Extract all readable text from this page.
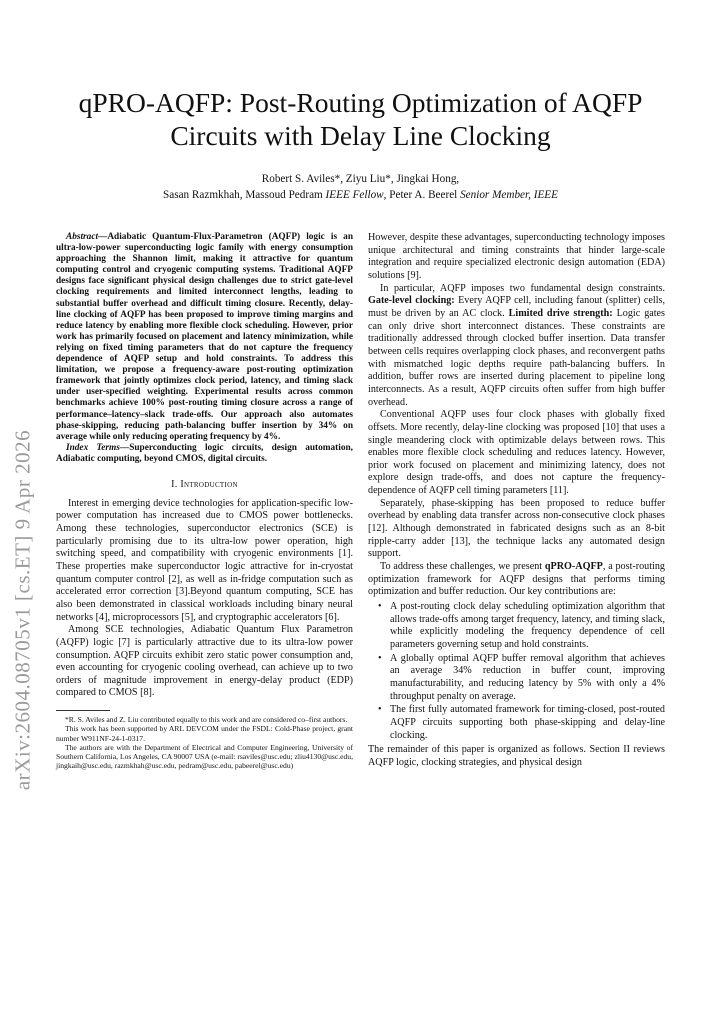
qPRO-AQFP: Post-Routing Optimization of AQFP Circuits with Delay Line Clocking
Robert S. Aviles*, Ziyu Liu*, Jingkai Hong,
Sasan Razmkhah, Massoud Pedram IEEE Fellow, Peter A. Beerel Senior Member, IEEE
arXiv:2604.08705v1 [cs.ET] 9 Apr 2026

Abstract—Adiabatic Quantum-Flux-Parametron (AQFP) logic is an ultra-low-power superconducting logic family with energy consumption approaching the Shannon limit, making it attractive for quantum computing control and cryogenic computing systems. Traditional AQFP designs face significant physical design challenges due to strict gate-level clocking requirements and limited interconnect lengths, leading to substantial buffer overhead and difficult timing closure. Recently, delay-line clocking of AQFP has been proposed to improve timing margins and reduce latency by enabling more flexible clock scheduling. However, prior work has primarily focused on placement and latency minimization, while relying on fixed timing parameters that do not capture the frequency dependence of AQFP setup and hold constraints. To address this limitation, we propose a frequency-aware post-routing optimization framework that jointly optimizes clock period, latency, and timing slack under user-specified weighting. Experimental results across common benchmarks achieve 100% post-routing timing closure across a range of performance–latency–slack trade-offs. Our approach also automates phase-skipping, reducing path-balancing buffer insertion by 34% on average while only reducing operating frequency by 4%.

Index Terms—Superconducting logic circuits, design automation, Adiabatic computing, beyond CMOS, digital circuits.

I. Introduction

Interest in emerging device technologies for application-specific low-power computation has increased due to CMOS power bottlenecks. Among these technologies, superconductor electronics (SCE) is particularly promising due to its ultra-low power operation, high switching speed, and compatibility with cryogenic environments [1]. These properties make superconductor logic attractive for in-cryostat quantum computer control [2], as well as in-fridge computation such as accelerated error correction [3].Beyond quantum computing, SCE has also been demonstrated in classical workloads including binary neural networks [4], microprocessors [5], and cryptographic accelerators [6].

Among SCE technologies, Adiabatic Quantum Flux Parametron (AQFP) logic [7] is particularly attractive due to its ultra-low power consumption. AQFP circuits exhibit zero static power consumption and, even accounting for cryogenic cooling overhead, can achieve up to two orders of magnitude improvement in energy-delay product (EDP) compared to CMOS [8].

*R. S. Aviles and Z. Liu contributed equally to this work and are considered co–first authors.

This work has been supported by ARL DEVCOM under the FSDL: Cold-Phase project, grant number W911NF-24-1-0317.

The authors are with the Department of Electrical and Computer Engineering, University of Southern California, Los Angeles, CA 90007 USA (e-mail: rsaviles@usc.edu; zliu4130@usc.edu, jingkaih@usc.edu, razmkhah@usc.edu, pedram@usc.edu, pabeerel@usc.edu)

However, despite these advantages, superconducting technology imposes unique architectural and timing constraints that hinder large-scale integration and require specialized electronic design automation (EDA) solutions [9].

In particular, AQFP imposes two fundamental design constraints. Gate-level clocking: Every AQFP cell, including fanout (splitter) cells, must be driven by an AC clock. Limited drive strength: Logic gates can only drive short interconnect distances. These constraints are traditionally addressed through clocked buffer insertion. Data transfer between cells requires overlapping clock phases, and reconvergent paths with mismatched logic depths require path-balancing buffers. In addition, buffer rows are inserted during placement to pipeline long interconnects. As a result, AQFP circuits often suffer from high buffer overhead.

Conventional AQFP uses four clock phases with globally fixed offsets. More recently, delay-line clocking was proposed [10] that uses a single meandering clock with optimizable delays between rows. This enables more flexible clock scheduling and reduces latency. However, prior work focused on placement and minimizing latency, does not explore design trade-offs, and does not capture the frequency-dependence of AQFP cell timing parameters [11].

Separately, phase-skipping has been proposed to reduce buffer overhead by enabling data transfer across non-consecutive clock phases [12]. Although demonstrated in fabricated designs such as an 8-bit ripple-carry adder [13], the technique lacks any automated design support.

To address these challenges, we present qPRO-AQFP, a post-routing optimization framework for AQFP designs that performs timing optimization and buffer reduction. Our key contributions are:

• A post-routing clock delay scheduling optimization algorithm that allows trade-offs among target frequency, latency, and timing slack, while explicitly modeling the frequency dependence of cell parameters governing setup and hold constraints.
• A globally optimal AQFP buffer removal algorithm that achieves an average 34% reduction in buffer count, improving manufacturability, and reducing latency by 5% with only a 4% throughput penalty on average.
• The first fully automated framework for timing-closed, post-routed AQFP circuits supporting both phase-skipping and delay-line clocking.

The remainder of this paper is organized as follows. Section II reviews AQFP logic, clocking strategies, and physical design
